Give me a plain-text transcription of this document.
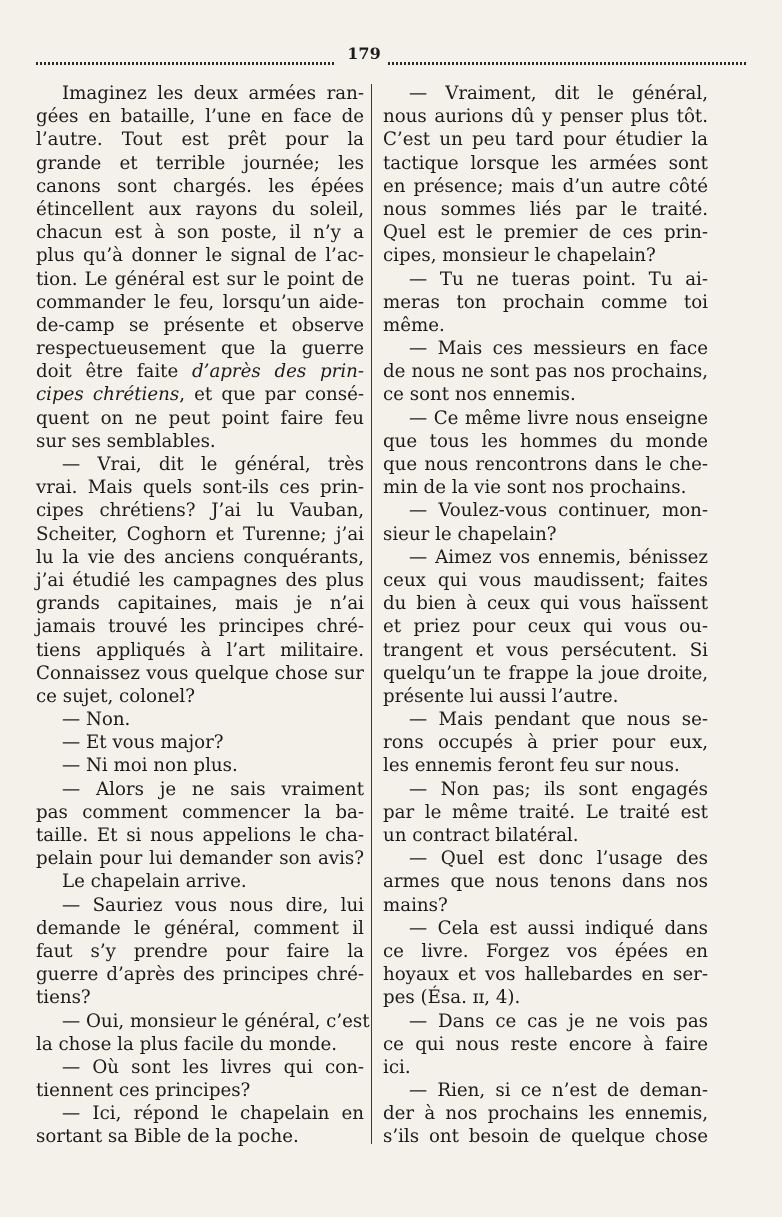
179
Imaginez les deux armées ran-
gées en bataille, l’une en face de
l’autre. Tout est prêt pour la
grande et terrible journée; les
canons sont chargés. les épées
étincellent aux rayons du soleil,
chacun est à son poste, il n’y a
plus qu’à donner le signal de l’ac-
tion. Le général est sur le point de
commander le feu, lorsqu’un aide-
de-camp se présente et observe
respectueusement que la guerre
doit être faite d’après des prin-
cipes chrétiens, et que par consé-
quent on ne peut point faire feu
sur ses semblables.
— Vrai, dit le général, très
vrai. Mais quels sont-ils ces prin-
cipes chrétiens? J’ai lu Vauban,
Scheiter, Coghorn et Turenne; j’ai
lu la vie des anciens conquérants,
j’ai étudié les campagnes des plus
grands capitaines, mais je n’ai
jamais trouvé les principes chré-
tiens appliqués à l’art militaire.
Connaissez vous quelque chose sur
ce sujet, colonel?
— Non.
— Et vous major?
— Ni moi non plus.
— Alors je ne sais vraiment
pas comment commencer la ba-
taille. Et si nous appelions le cha-
pelain pour lui demander son avis?
Le chapelain arrive.
— Sauriez vous nous dire, lui
demande le général, comment il
faut s’y prendre pour faire la
guerre d’après des principes chré-
tiens?
— Oui, monsieur le général, c’est
la chose la plus facile du monde.
— Où sont les livres qui con-
tiennent ces principes?
— Ici, répond le chapelain en
sortant sa Bible de la poche.
— Vraiment, dit le général,
nous aurions dû y penser plus tôt.
C’est un peu tard pour étudier la
tactique lorsque les armées sont
en présence; mais d’un autre côté
nous sommes liés par le traité.
Quel est le premier de ces prin-
cipes, monsieur le chapelain?
— Tu ne tueras point. Tu ai-
meras ton prochain comme toi
même.
— Mais ces messieurs en face
de nous ne sont pas nos prochains,
ce sont nos ennemis.
— Ce même livre nous enseigne
que tous les hommes du monde
que nous rencontrons dans le che-
min de la vie sont nos prochains.
— Voulez-vous continuer, mon-
sieur le chapelain?
— Aimez vos ennemis, bénissez
ceux qui vous maudissent; faites
du bien à ceux qui vous haïssent
et priez pour ceux qui vous ou-
trangent et vous persécutent. Si
quelqu’un te frappe la joue droite,
présente lui aussi l’autre.
— Mais pendant que nous se-
rons occupés à prier pour eux,
les ennemis feront feu sur nous.
— Non pas; ils sont engagés
par le même traité. Le traité est
un contract bilatéral.
— Quel est donc l’usage des
armes que nous tenons dans nos
mains?
— Cela est aussi indiqué dans
ce livre. Forgez vos épées en
hoyaux et vos hallebardes en ser-
pes (Ésa. ɪɪ, 4).
— Dans ce cas je ne vois pas
ce qui nous reste encore à faire
ici.
— Rien, si ce n’est de deman-
der à nos prochains les ennemis,
s’ils ont besoin de quelque chose
